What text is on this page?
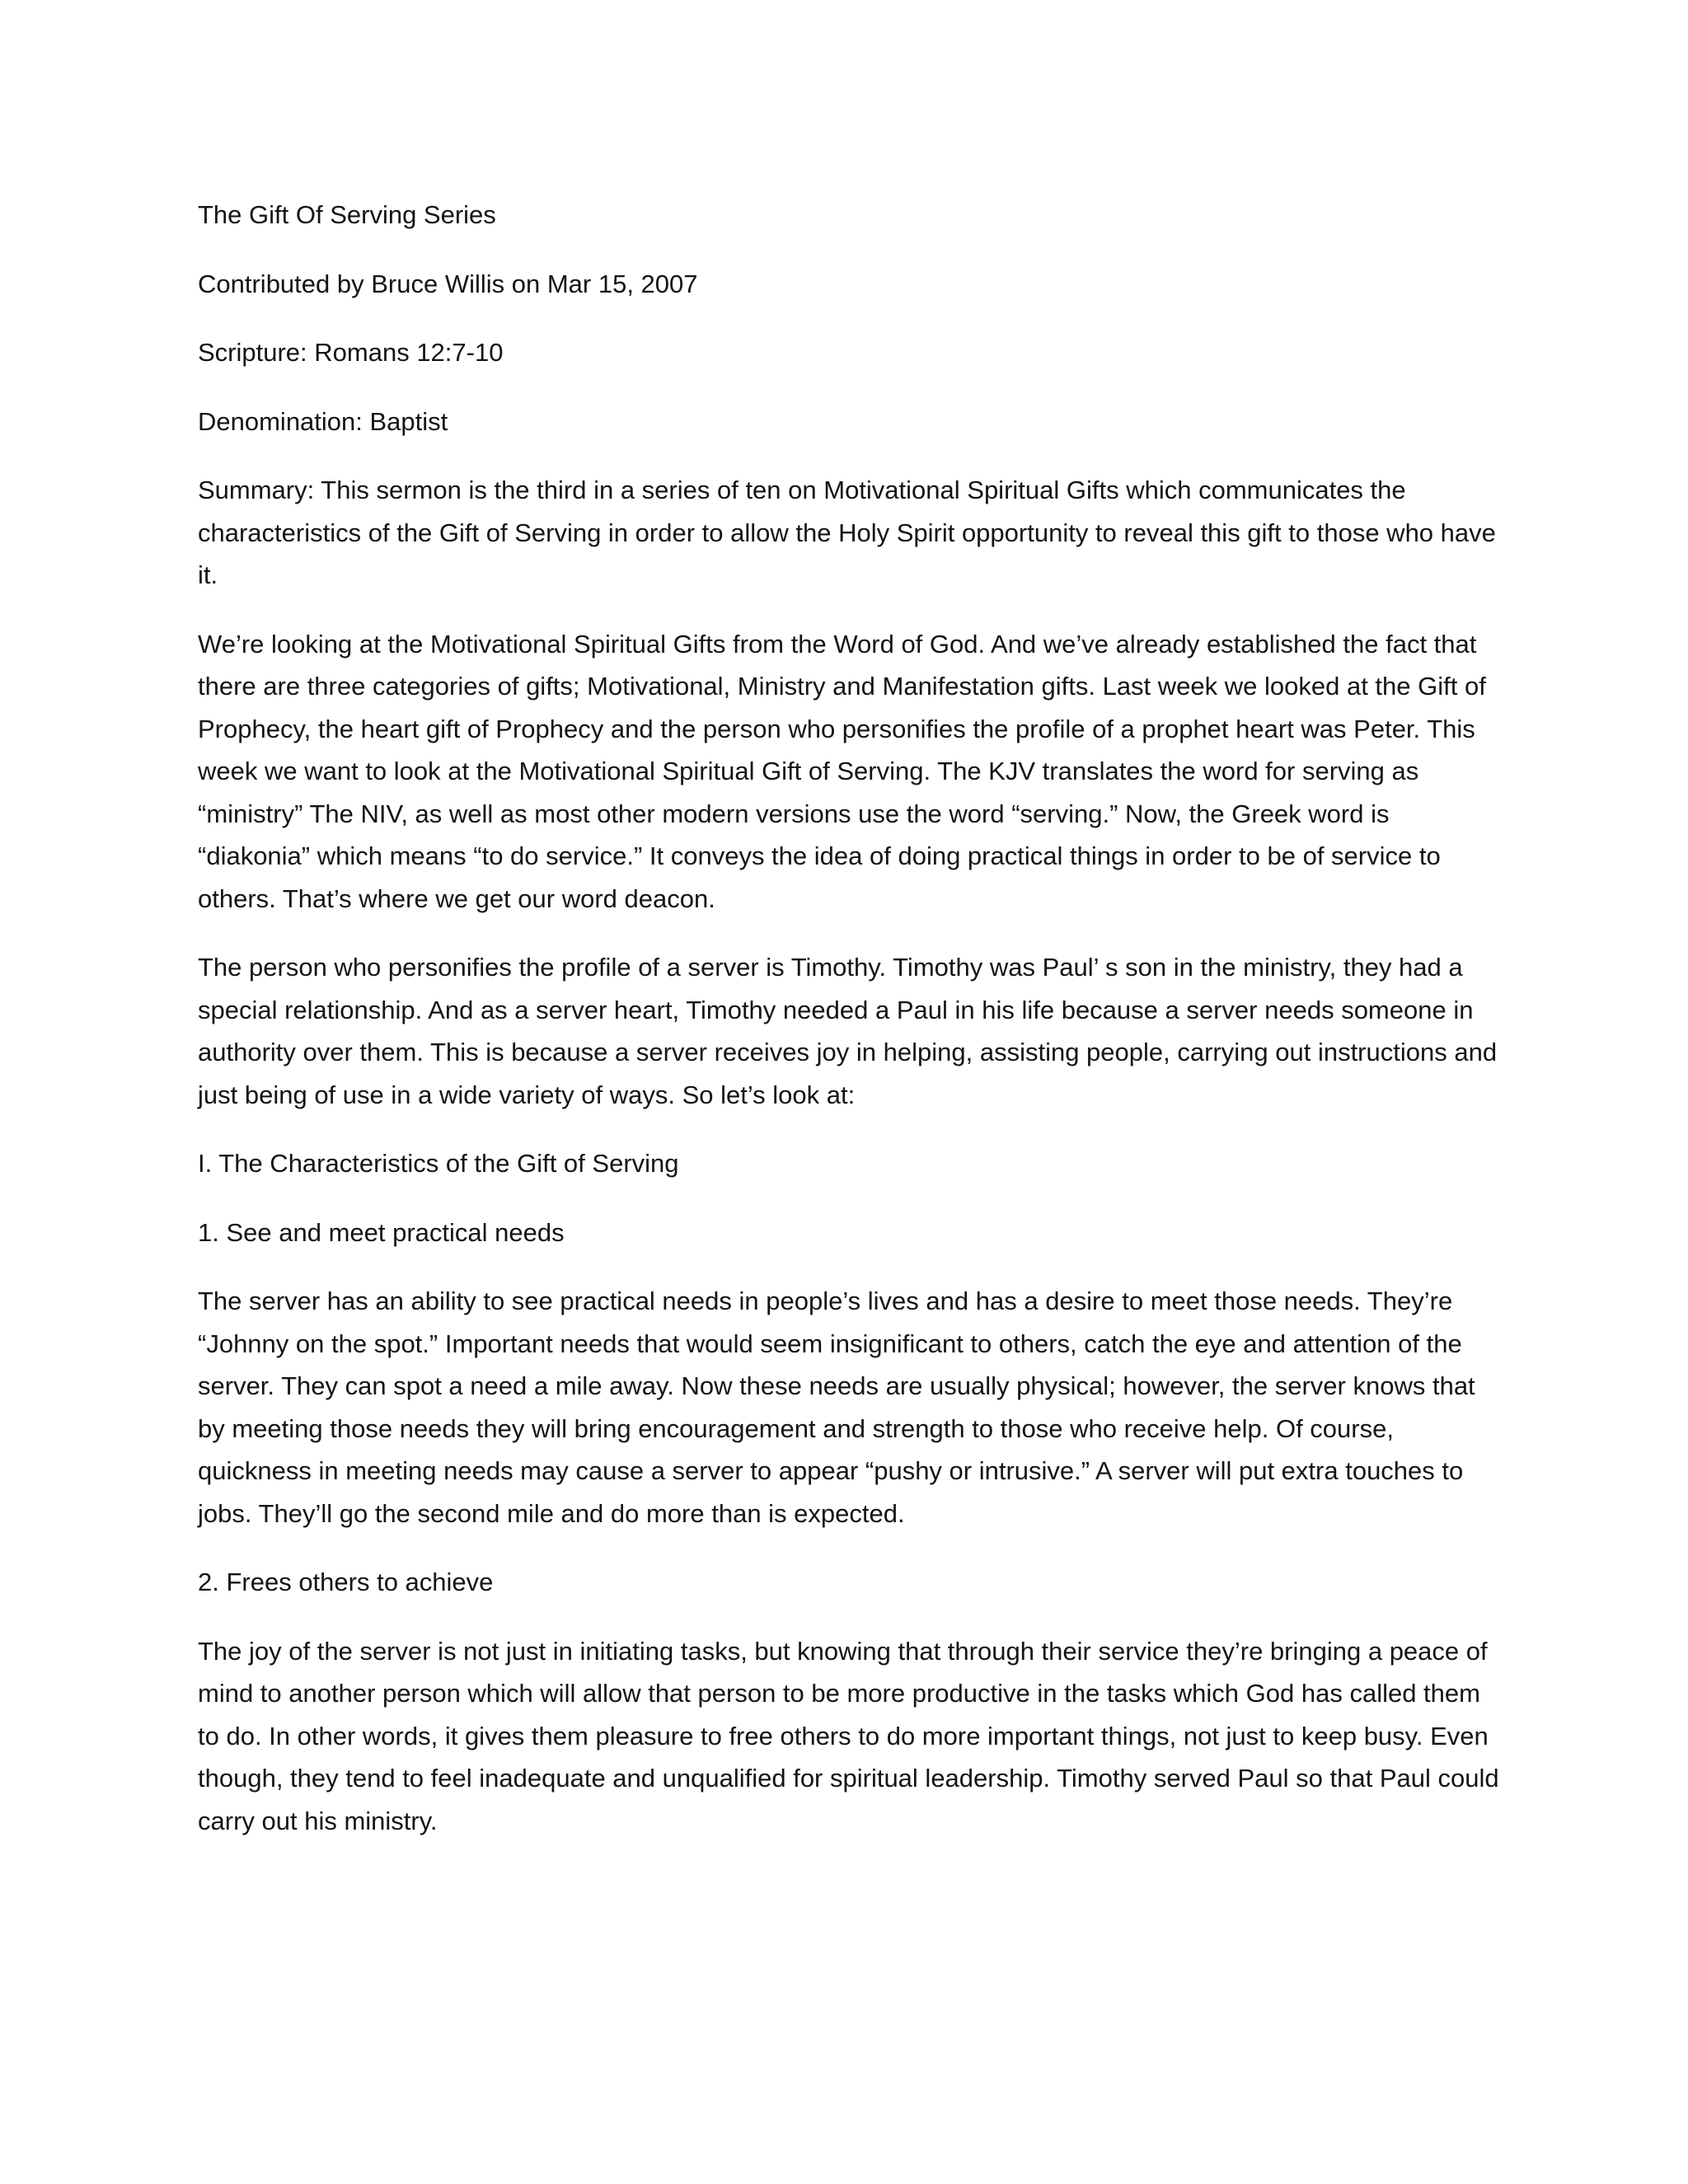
The Gift Of Serving Series

Contributed by Bruce Willis on Mar 15, 2007

Scripture: Romans 12:7-10

Denomination: Baptist

Summary: This sermon is the third in a series of ten on Motivational Spiritual Gifts which communicates the characteristics of the Gift of Serving in order to allow the Holy Spirit opportunity to reveal this gift to those who have it.

We’re looking at the Motivational Spiritual Gifts from the Word of God. And we’ve already established the fact that there are three categories of gifts; Motivational, Ministry and Manifestation gifts. Last week we looked at the Gift of Prophecy, the heart gift of Prophecy and the person who personifies the profile of a prophet heart was Peter. This week we want to look at the Motivational Spiritual Gift of Serving. The KJV translates the word for serving as “ministry” The NIV, as well as most other modern versions use the word “serving.” Now, the Greek word is “diakonia” which means “to do service.” It conveys the idea of doing practical things in order to be of service to others. That’s where we get our word deacon.

The person who personifies the profile of a server is Timothy. Timothy was Paul’ s son in the ministry, they had a special relationship. And as a server heart, Timothy needed a Paul in his life because a server needs someone in authority over them. This is because a server receives joy in helping, assisting people, carrying out instructions and just being of use in a wide variety of ways. So let’s look at:

I. The Characteristics of the Gift of Serving

1. See and meet practical needs

The server has an ability to see practical needs in people’s lives and has a desire to meet those needs. They’re “Johnny on the spot.” Important needs that would seem insignificant to others, catch the eye and attention of the server. They can spot a need a mile away. Now these needs are usually physical; however, the server knows that by meeting those needs they will bring encouragement and strength to those who receive help. Of course, quickness in meeting needs may cause a server to appear “pushy or intrusive.” A server will put extra touches to jobs. They’ll go the second mile and do more than is expected.

2. Frees others to achieve

The joy of the server is not just in initiating tasks, but knowing that through their service they’re bringing a peace of mind to another person which will allow that person to be more productive in the tasks which God has called them to do. In other words, it gives them pleasure to free others to do more important things, not just to keep busy. Even though, they tend to feel inadequate and unqualified for spiritual leadership. Timothy served Paul so that Paul could carry out his ministry.
